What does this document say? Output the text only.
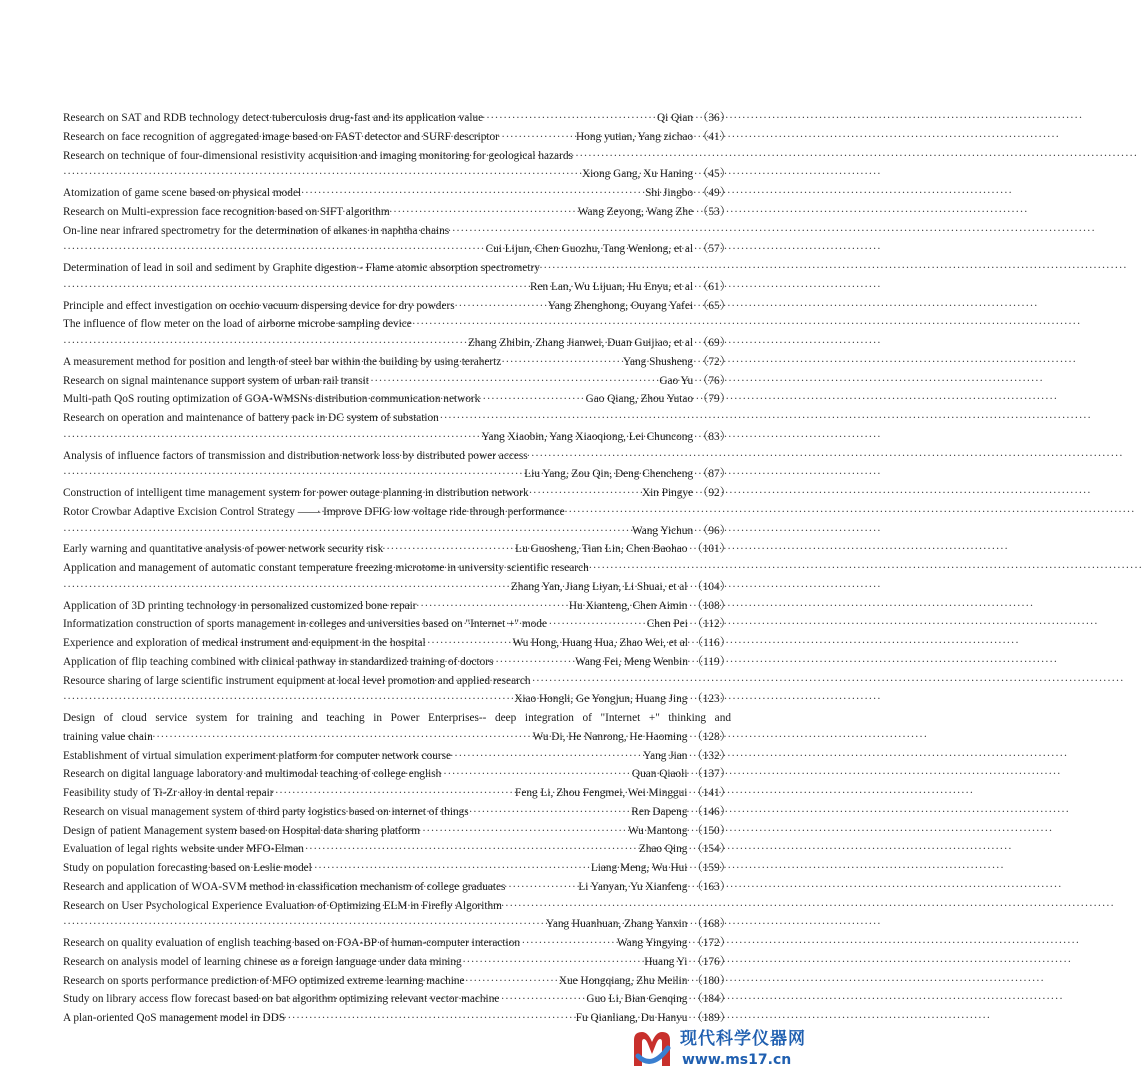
Research on SAT and RDB technology detect tuberculosis drug-fast and its application value ·····	Qi Qian （36）
Research on face recognition of aggregated image based on FAST detector and SURF descriptor ·····	Hong yutian, Yang zichao （41）
Research on technique of four-dimensional resistivity acquisition and imaging monitoring for geological hazards
·····
·····
Xiong Gang, Xu Haning （45）
Atomization of game scene based on physical model ·····	Shi Jingbo （49）
Research on Multi-expression face recognition based on SIFT algorithm ·····	Wang Zeyong, Wang Zhe （53）
On-line near infrared spectrometry for the determination of alkanes in naphtha chains
·····
·····
Cui Lijun, Chen Guozhu, Tang Wenlong, et al （57）
Determination of lead in soil and sediment by Graphite digestion - Flame atomic absorption spectrometry
·····
·····
Ren Lan, Wu Lijuan, Hu Enyu, et al （61）
Principle and effect investigation on occhio vacuum dispersing device for dry powders ·····	Yang Zhenghong, Ouyang Yafei （65）
The influence of flow meter on the load of airborne microbe sampling device
·····
·····
Zhang Zhibin, Zhang Jianwei, Duan Guijiao, et al （69）
A measurement method for position and length of steel bar within the building by using terahertz ·····	Yang Shusheng （72）
Research on signal maintenance support system of urban rail transit ·····	Gao Yu （76）
Multi-path QoS routing optimization of GOA-WMSNs distribution communication network ·····	Gao Qiang, Zhou Yutao （79）
Research on operation and maintenance of battery pack in DC system of substation
·····
·····
Yang Xiaobin, Yang Xiaoqiong, Lei Chuncong （83）
Analysis of influence factors of transmission and distribution network loss by distributed power access
·····
·····
Liu Yang, Zou Qin, Deng Chencheng （87）
Construction of intelligent time management system for power outage planning in distribution network ·····	Xin Pingye （92）
Rotor Crowbar Adaptive Excision Control Strategy —— Improve DFIG low voltage ride through performance
·····
·····
Wang Yichun （96）
Early warning and quantitative analysis of power network security risk ·····	Lu Guosheng, Tian Lin, Chen Baohao （101）
Application and management of automatic constant temperature freezing microtome in university scientific research
·····
·····
Zhang Yan, Jiang Liyan, Li Shuai, et al （104）
Application of 3D printing technology in personalized customized bone repair ·····	Hu Xianteng, Chen Aimin （108）
Informatization construction of sports management in colleges and universities based on "Internet +" mode ·····	Chen Pei （112）
Experience and exploration of medical instrument and equipment in the hospital ·····	Wu Hong, Huang Hua, Zhao Wei, et al （116）
Application of flip teaching combined with clinical pathway in standardized training of doctors ·····	Wang Fei, Meng Wenbin （119）
Resource sharing of large scientific instrument equipment at local level promotion and applied research
·····
·····
Xiao Hongli, Ge Yongjun, Huang Jing （123）
Design of cloud service system for training and teaching in Power Enterprises-- deep integration of "Internet +" thinking and
training value chain ·····	Wu Di, He Nanrong, He Haoming （128）
Establishment of virtual simulation experiment platform for computer network course ·····	Yang Jian （132）
Research on digital language laboratory and multimodal teaching of college english ·····	Quan Qiaoli （137）
Feasibility study of Ti-Zr alloy in dental repair ·····	Feng Li, Zhou Fengmei, Wei Minggui （141）
Research on visual management system of third party logistics based on internet of things ·····	Ren Dapeng （146）
Design of patient Management system based on Hospital data sharing platform ·····	Wu Mantong （150）
Evaluation of legal rights website under MFO-Elman ·····	Zhao Qing （154）
Study on population forecasting based on Leslie model ·····	Liang Meng, Wu Hui （159）
Research and application of WOA-SVM method in classification mechanism of college graduates ·····	Li Yanyan, Yu Xianfeng （163）
Research on User Psychological Experience Evaluation of Optimizing ELM in Firefly Algorithm
·····
·····
Yang Huanhuan, Zhang Yanxin （168）
Research on quality evaluation of english teaching based on FOA-BP of human-computer interaction ·····	Wang Yingying （172）
Research on analysis model of learning chinese as a foreign language under data mining ·····	Huang Yi （176）
Research on sports performance prediction of MFO optimized extreme learning machine ·····	Xue Hongqiang, Zhu Meilin （180）
Study on library access flow forecast based on bat algorithm optimizing relevant vector machine ·····	Guo Li, Bian Genqing （184）
A plan-oriented QoS management model in DDS ·····	Fu Qianliang, Du Hanyu （189）
现代科学仪器网
www.ms17.cn
